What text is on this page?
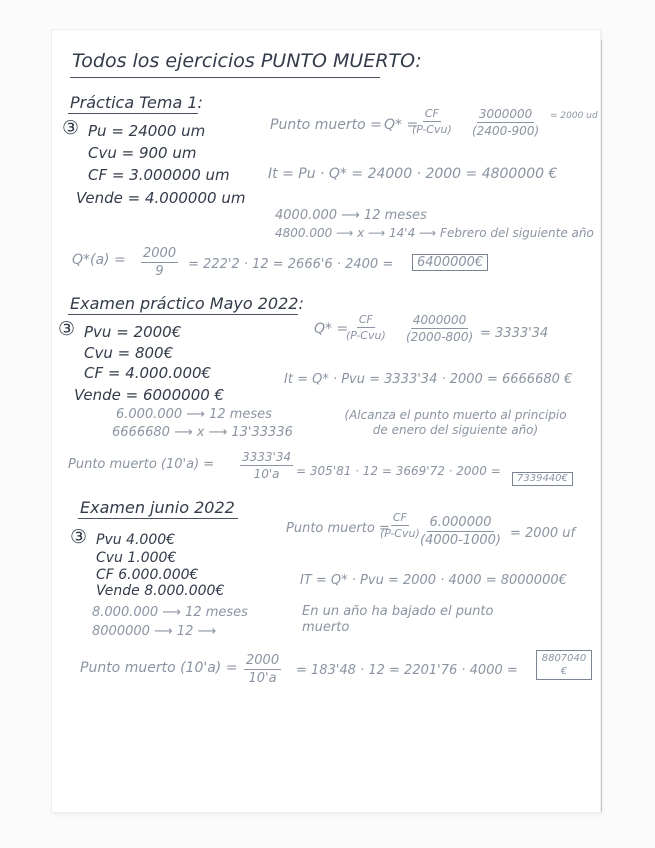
Todos los ejercicios PUNTO MUERTO:
Práctica Tema 1:
③ Pu = 24000 um
Cvu = 900 um
CF = 3.000000 um
Vende = 4.000000 um
Punto muerto = Q* =
CF
$(P-Cvu) \frac{3000000}{(2400-900)} = 2000$ ud
It = Pu · Q* = 24000 · 2000 = 4800000 €
4000.000 ⟶ 12 meses
4800.000 ⟶ x ⟶ 14'4 ⟶ Febrero del siguiente año
$Q*(a) = \frac{2000}{9} = 222'2 \cdot 12 = 2666'6 \cdot 2400$ =	6400000€
Examen práctico Mayo 2022:
③ Pvu = 2000€
Cvu = 800€
CF = 4.000.000€
Vende = 6000000 €
Q* =
CF
$(P-Cvu) \frac{4000000}{(2000-800)} = 3333'34$
It = Q* · Pvu = 3333'34 · 2000 = 6666680 €
6.000.000 ⟶ 12 meses
6666680 ⟶ x ⟶ 13'33336
(Alcanza el punto muerto al principio de enero del siguiente año)
Punto muerto $(10'a) = \frac{3333'34}{10'a} = 305'81 \cdot 12 = 3669'72 \cdot 2000$ =
7339440€
Examen junio 2022
③ Pvu 4.000€
Cvu 1.000€
CF 6.000.000€
Vende 8.000.000€
Punto muerto =
CF
$(P-Cvu) \frac{6.000000}{(4000-1000)} = 2000$ uf
IT = Q* · Pvu = 2000 · 4000 = 8000000€
8.000.000 ⟶ 12 meses
8000000 ⟶ 12 ⟶
En un año ha bajado el punto muerto
Punto muerto $(10'a) = \frac{2000}{10'a} = 183'48 \cdot 12 = 2201'76 \cdot 4000$ =
8807040 €
